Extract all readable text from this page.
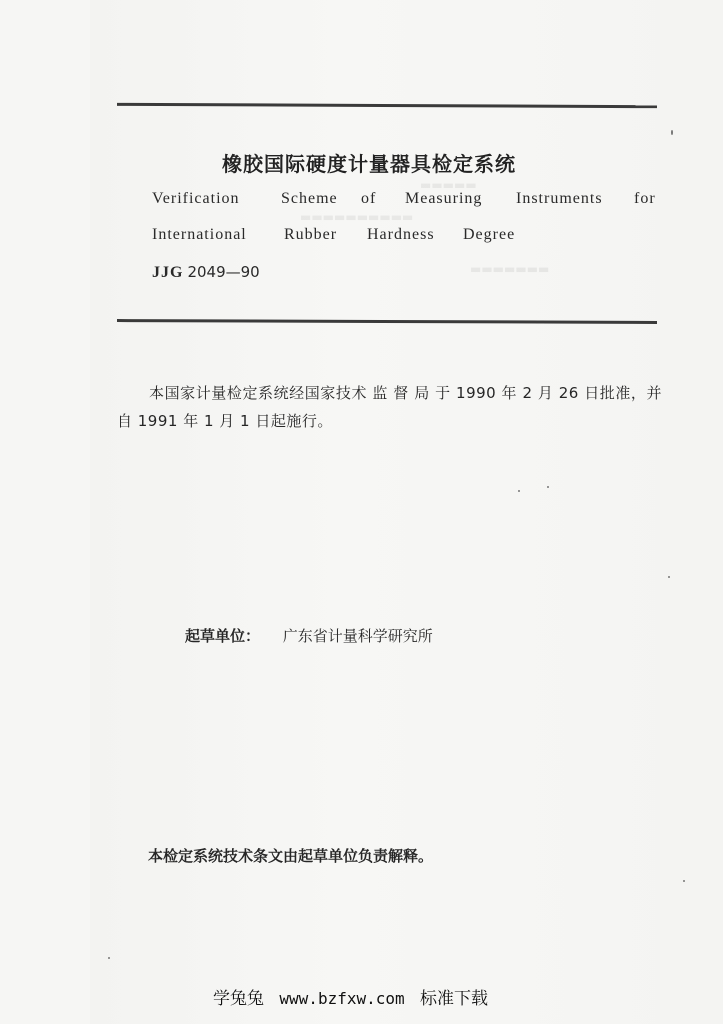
▬▬▬▬▬
▬▬▬▬▬▬▬▬▬▬
▬▬▬▬▬▬▬
橡胶国际硬度计量器具检定系统
Verification	Scheme of Measuring Instruments for
International Rubber Hardness Degree
JJG 2049—90
本国家计量检定系统经国家技术 监 督 局 于 1990 年 2 月 26 日批准，并自 1991 年 1 月 1 日起施行。
起草单位： 广东省计量科学研究所
本检定系统技术条文由起草单位负责解释。
学兔兔 www.bzfxw.com 标准下载
